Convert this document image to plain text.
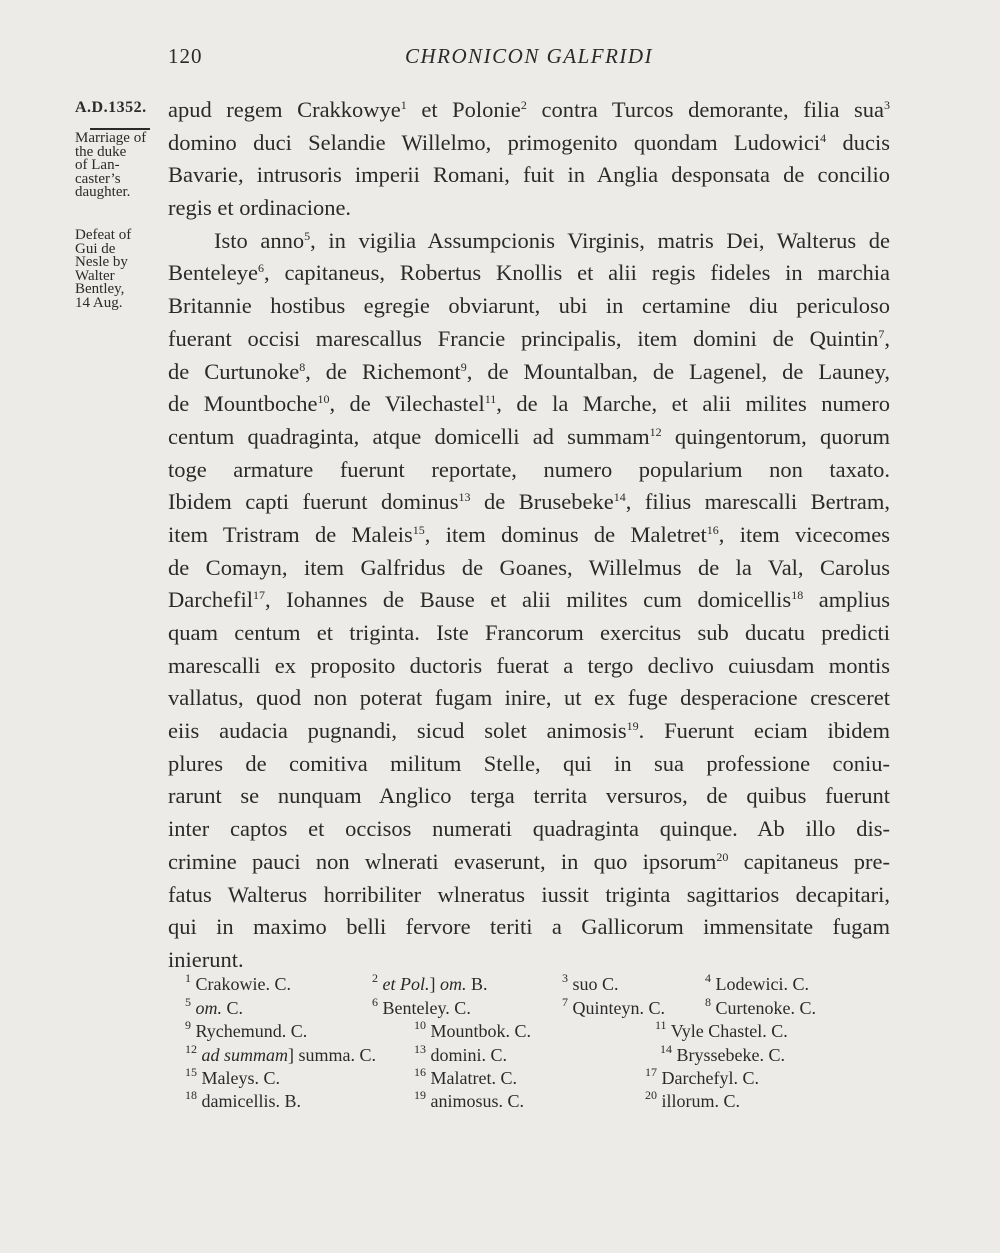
120	CHRONICON GALFRIDI
A.D.1352.
Marriage of
the duke
of Lan-
caster’s
daughter.
Defeat of
Gui de
Nesle by
Walter
Bentley,
14 Aug.
apud regem Crakkowye$^1$ et Polonie$^2$ contra Turcos demorante, filia sua$^3$
domino duci Selandie Willelmo, primogenito quondam Ludowici$^4$ ducis
Bavarie, intrusoris imperii Romani, fuit in Anglia desponsata de concilio
regis et ordinacione.
Isto anno$^5$, in vigilia Assumpcionis Virginis, matris Dei, Walterus de
Benteleye$^6$, capitaneus, Robertus Knollis et alii regis fideles in marchia
Britannie hostibus egregie obviarunt, ubi in certamine diu periculoso
fuerant occisi marescallus Francie principalis, item domini de Quintin$^7$,
de Curtunoke$^8$, de Richemont$^9$, de Mountalban, de Lagenel, de Launey,
de Mountboche$^{10}$, de Vilechastel$^{11}$, de la Marche, et alii milites numero
centum quadraginta, atque domicelli ad summam$^{12}$ quingentorum, quorum
toge armature fuerunt reportate, numero popularium non taxato.
Ibidem capti fuerunt dominus$^{13}$ de Brusebeke$^{14}$, filius marescalli Bertram,
item Tristram de Maleis$^{15}$, item dominus de Maletret$^{16}$, item vicecomes
de Comayn, item Galfridus de Goanes, Willelmus de la Val, Carolus
Darchefil$^{17}$, Iohannes de Bause et alii milites cum domicellis$^{18}$ amplius
quam centum et triginta. Iste Francorum exercitus sub ducatu predicti
marescalli ex proposito ductoris fuerat a tergo declivo cuiusdam montis
vallatus, quod non poterat fugam inire, ut ex fuge desperacione cresceret
eiis audacia pugnandi, sicud solet animosis$^{19}$. Fuerunt eciam ibidem
plures de comitiva militum Stelle, qui in sua professione coniu-
rarunt se nunquam Anglico terga territa versuros, de quibus fuerunt
inter captos et occisos numerati quadraginta quinque. Ab illo dis-
crimine pauci non wlnerati evaserunt, in quo ipsorum$^{20}$ capitaneus pre-
fatus Walterus horribiliter wlneratus iussit triginta sagittarios decapitari,
qui in maximo belli fervore teriti a Gallicorum immensitate fugam
inierunt.
$^1$ Crakowie. C.	$^2$ et Pol.] om. B.	$^3$ suo C.	$^4$ Lodewici. C.
$^5$ om. C.	$^6$ Benteley. C.	$^7$ Quinteyn. C.	$^8$ Curtenoke. C.
$^9$ Rychemund. C.	$^{10}$ Mountbok. C.	$^{11}$ Vyle Chastel. C.
$^{12}$ ad summam] summa. C.	$^{13}$ domini. C.	$^{14}$ Bryssebeke. C.
$^{15}$ Maleys. C.	$^{16}$ Malatret. C.	$^{17}$ Darchefyl. C.
$^{18}$ damicellis. B.	$^{19}$ animosus. C.	$^{20}$ illorum. C.
